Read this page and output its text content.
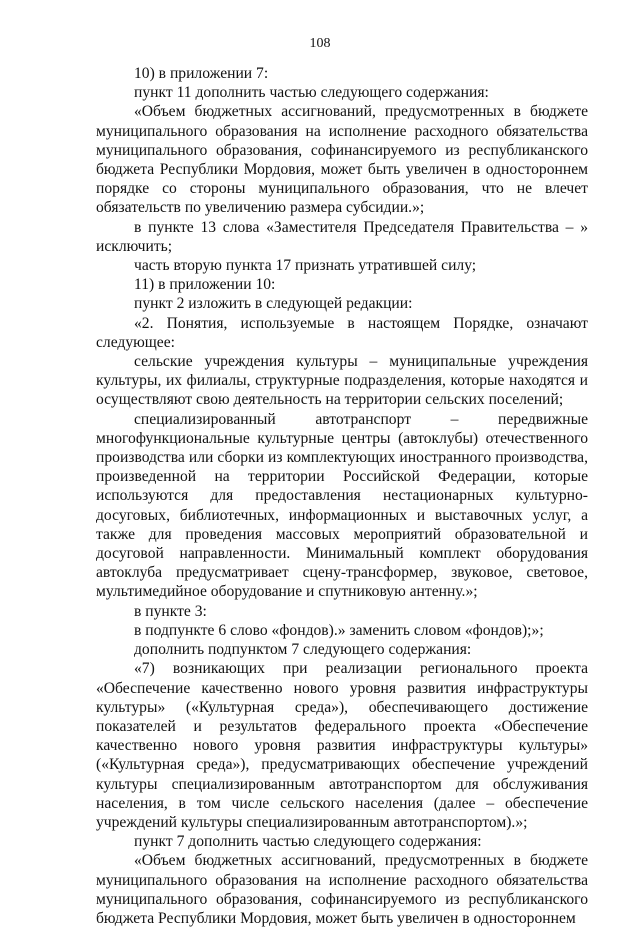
108

10) в приложении 7:

пункт 11 дополнить частью следующего содержания:

«Объем бюджетных ассигнований, предусмотренных в бюджете муниципального образования на исполнение расходного обязательства муниципального образования, софинансируемого из республиканского бюджета Республики Мордовия, может быть увеличен в одностороннем порядке со стороны муниципального образования, что не влечет обязательств по увеличению размера субсидии.»;

в пункте 13 слова «Заместителя Председателя Правительства – » исключить;

часть вторую пункта 17 признать утратившей силу;

11) в приложении 10:

пункт 2 изложить в следующей редакции:

«2. Понятия, используемые в настоящем Порядке, означают следующее:

сельские учреждения культуры – муниципальные учреждения культуры, их филиалы, структурные подразделения, которые находятся и осуществляют свою деятельность на территории сельских поселений;

специализированный автотранспорт – передвижные многофункциональные культурные центры (автоклубы) отечественного производства или сборки из комплектующих иностранного производства, произведенной на территории Российской Федерации, которые используются для предоставления нестационарных культурно-досуговых, библиотечных, информационных и выставочных услуг, а также для проведения массовых мероприятий образовательной и досуговой направленности. Минимальный комплект оборудования автоклуба предусматривает сцену-трансформер, звуковое, световое, мультимедийное оборудование и спутниковую антенну.»;

в пункте 3:

в подпункте 6 слово «фондов).» заменить словом «фондов);»;

дополнить подпунктом 7 следующего содержания:

«7) возникающих при реализации регионального проекта «Обеспечение качественно нового уровня развития инфраструктуры культуры» («Культурная среда»), обеспечивающего достижение показателей и результатов федерального проекта «Обеспечение качественно нового уровня развития инфраструктуры культуры» («Культурная среда»), предусматривающих обеспечение учреждений культуры специализированным автотранспортом для обслуживания населения, в том числе сельского населения (далее – обеспечение учреждений культуры специализированным автотранспортом).»;

пункт 7 дополнить частью следующего содержания:

«Объем бюджетных ассигнований, предусмотренных в бюджете муниципального образования на исполнение расходного обязательства муниципального образования, софинансируемого из республиканского бюджета Республики Мордовия, может быть увеличен в одностороннем
